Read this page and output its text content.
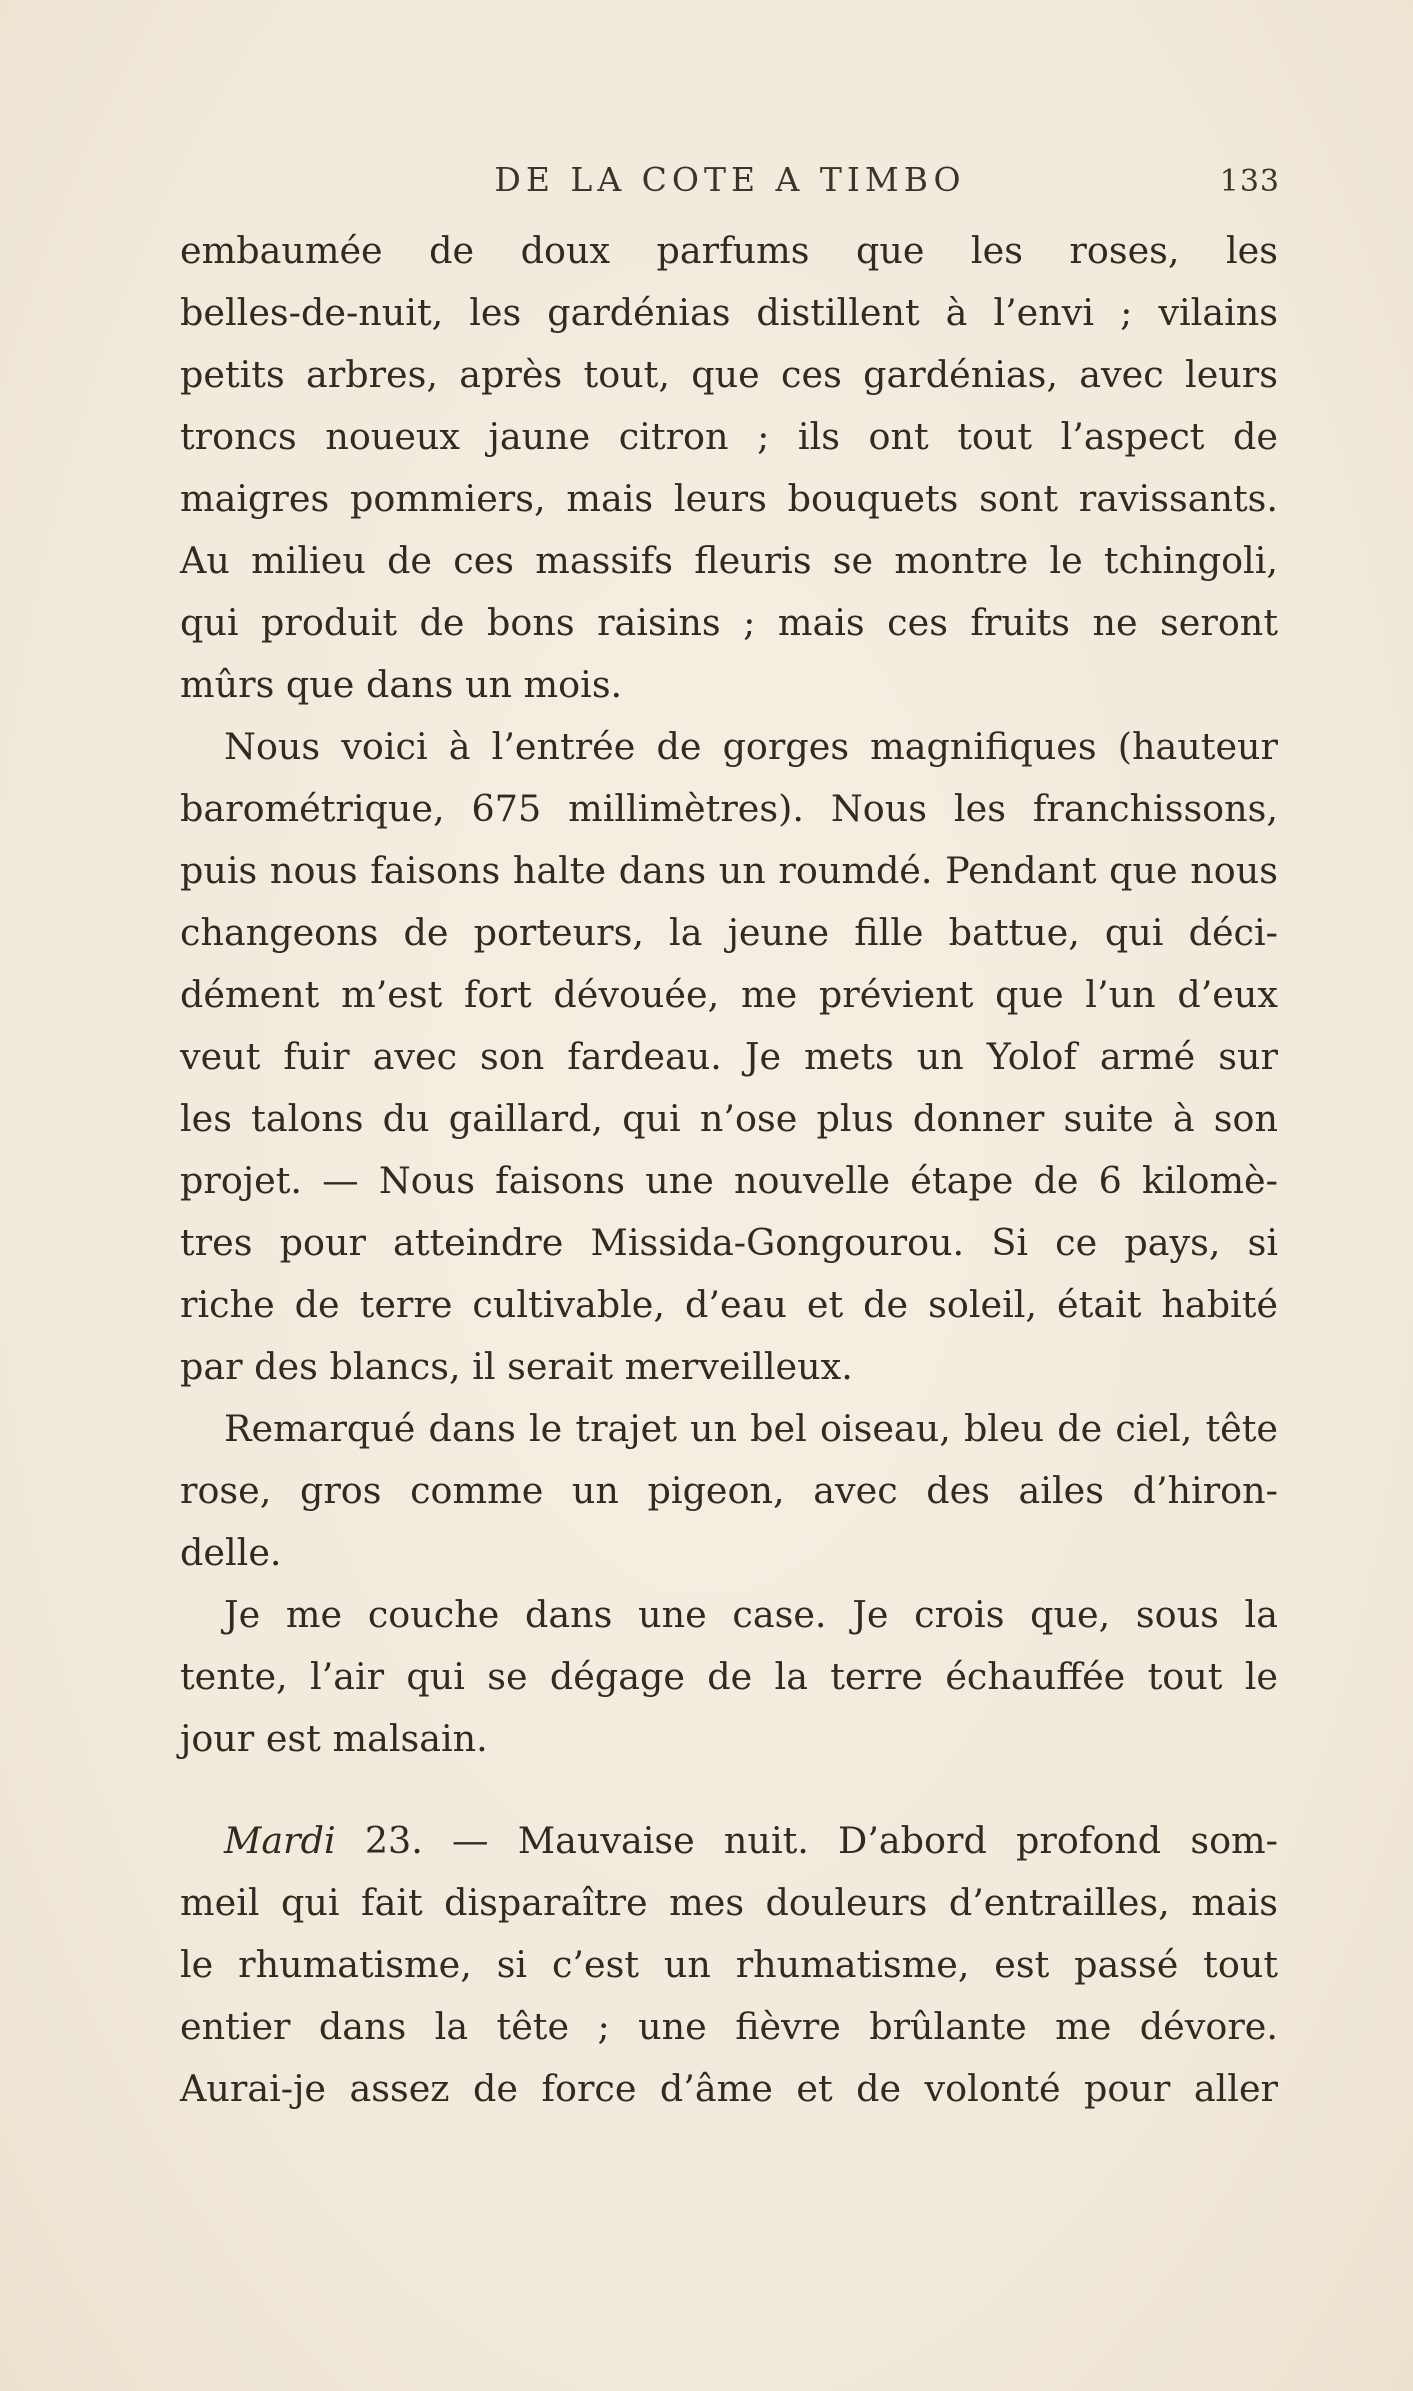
DE LA COTE A TIMBO	133
embaumée de doux parfums que les roses, les
belles-de-nuit, les gardénias distillent à l’envi ; vilains
petits arbres, après tout, que ces gardénias, avec leurs
troncs noueux jaune citron ; ils ont tout l’aspect de
maigres pommiers, mais leurs bouquets sont ravissants.
Au milieu de ces massifs fleuris se montre le tchingoli,
qui produit de bons raisins ; mais ces fruits ne seront
mûrs que dans un mois.
Nous voici à l’entrée de gorges magnifiques (hauteur
barométrique, 675 millimètres). Nous les franchissons,
puis nous faisons halte dans un roumdé. Pendant que nous
changeons de porteurs, la jeune fille battue, qui déci-
dément m’est fort dévouée, me prévient que l’un d’eux
veut fuir avec son fardeau. Je mets un Yolof armé sur
les talons du gaillard, qui n’ose plus donner suite à son
projet. — Nous faisons une nouvelle étape de 6 kilomè-
tres pour atteindre Missida-Gongourou. Si ce pays, si
riche de terre cultivable, d’eau et de soleil, était habité
par des blancs, il serait merveilleux.
Remarqué dans le trajet un bel oiseau, bleu de ciel, tête
rose, gros comme un pigeon, avec des ailes d’hiron-
delle.
Je me couche dans une case. Je crois que, sous la
tente, l’air qui se dégage de la terre échauffée tout le
jour est malsain.
Mardi 23. — Mauvaise nuit. D’abord profond som-
meil qui fait disparaître mes douleurs d’entrailles, mais
le rhumatisme, si c’est un rhumatisme, est passé tout
entier dans la tête ; une fièvre brûlante me dévore.
Aurai-je assez de force d’âme et de volonté pour aller
